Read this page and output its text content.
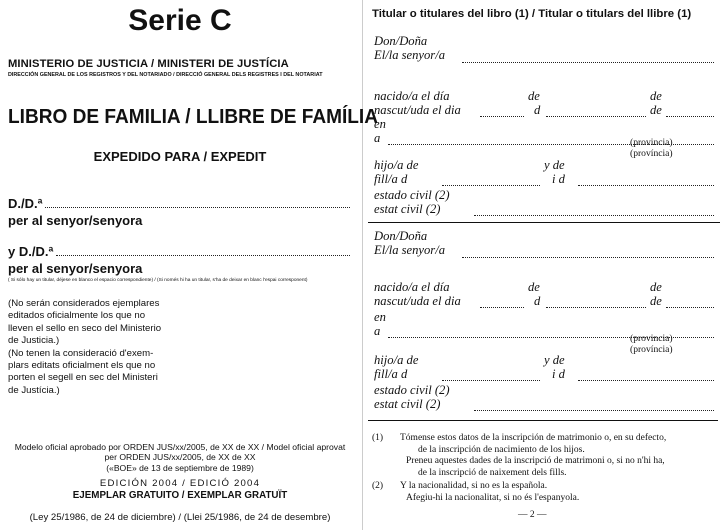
Serie C
MINISTERIO DE JUSTICIA / MINISTERI DE JUSTÍCIA
DIRECCIÓN GENERAL DE LOS REGISTROS Y DEL NOTARIADO / DIRECCIÓ GENERAL DELS REGISTRES I DEL NOTARIAT
LIBRO DE FAMILIA / LLIBRE DE FAMÍLIA
EXPEDIDO PARA / EXPEDIT
D./D.ª
per al senyor/senyora
y D./D.ª
per al senyor/senyora
( Si sólo hay un titular, déjese en blanco el espacio correspondiente) / (Si només hi ha un titular, s'ha de deixar en blanc l'espai corresponent)
(No serán considerados ejemplares
editados oficialmente los que no
lleven el sello en seco del Ministerio
de Justicia.)
(No tenen la consideració d'exem-
plars editats oficialment els que no
porten el segell en sec del Ministeri
de Justícia.)
Modelo oficial aprobado por ORDEN JUS/xx/2005, de XX de XX / Model oficial aprovat
per ORDEN JUS/xx/2005, de XX de XX
(«BOE» de 13 de septiembre de 1989)
EDICIÓN 2004 / EDICIÓ 2004
EJEMPLAR GRATUITO / EXEMPLAR GRATUÏT
(Ley 25/1986, de 24 de diciembre) / (Llei 25/1986, de 24 de desembre)
Titular o titulares del libro (1) / Titular o titulars del llibre (1)
Don/Doña
El/la senyor/a
nacido/a el día
nascut/uda el dia
de
d
de
de
en
a	(provincia)
(província)
hijo/a de
fill/a d
y de
i d
estado civil (2)
estat civil (2)
Don/Doña
El/la senyor/a
nacido/a el día
nascut/uda el dia
de
d
de
de
en
a
(provincia)
(província)
hijo/a de
fill/a d
y de
i d
estado civil (2)
estat civil (2)
(1) Tómense estos datos de la inscripción de matrimonio o, en su defecto,
de la inscripción de nacimiento de los hijos.
Preneu aquestes dades de la inscripció de matrimoni o, si no n'hi ha,
de la inscripció de naixement dels fills.
(2) Y la nacionalidad, si no es la española.
Afegiu-hi la nacionalitat, si no és l'espanyola.
— 2 —
